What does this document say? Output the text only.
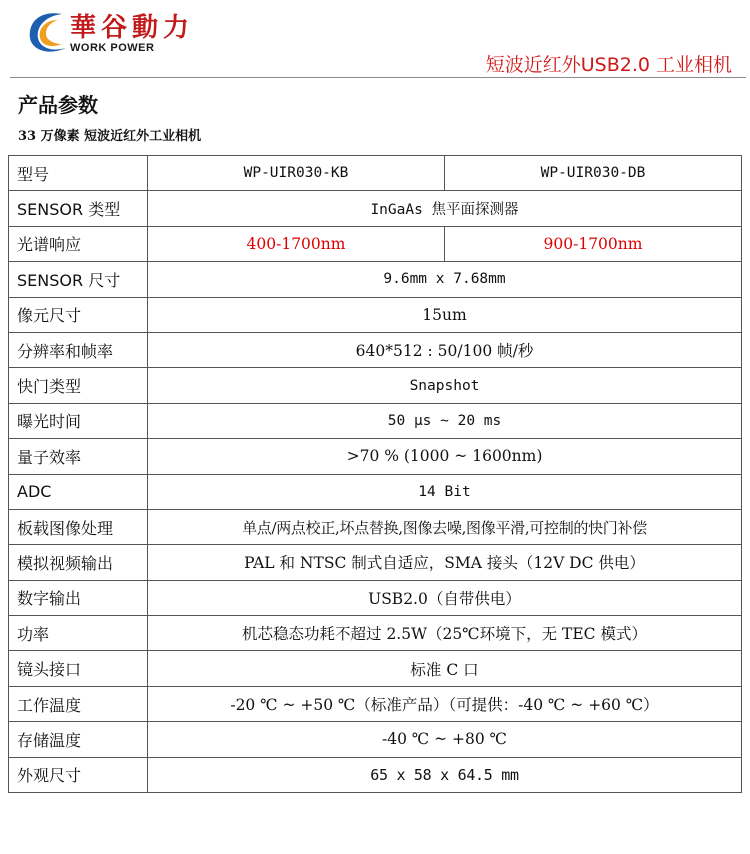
華谷動力
WORK POWER
短波近红外USB2.0 工业相机
产品参数
33 万像素 短波近红外工业相机
型号	WP-UIR030-KB	WP-UIR030-DB
SENSOR 类型	InGaAs 焦平面探测器	
光谱响应	400-1700nm	900-1700nm
SENSOR 尺寸	9.6mm x 7.68mm	
像元尺寸	15um	
分辨率和帧率	640*512 : 50/100 帧/秒	
快门类型	Snapshot	
曝光时间	50 μs ~ 20 ms	
量子效率	>70 % (1000 ~ 1600nm)	
ADC	14 Bit	
板载图像处理	单点/两点校正,坏点替换,图像去噪,图像平滑,可控制的快门补偿	
模拟视频输出	PAL 和 NTSC 制式自适应，SMA 接头（12V DC 供电）	
数字输出	USB2.0（自带供电）	
功率	机芯稳态功耗不超过 2.5W（25℃环境下，无 TEC 模式）	
镜头接口	标准 C 口	
工作温度	-20 ℃ ~ +50 ℃（标准产品）（可提供：-40 ℃ ~ +60 ℃）	
存储温度	-40 ℃ ~ +80 ℃	
外观尺寸	65 x 58 x 64.5 mm	
